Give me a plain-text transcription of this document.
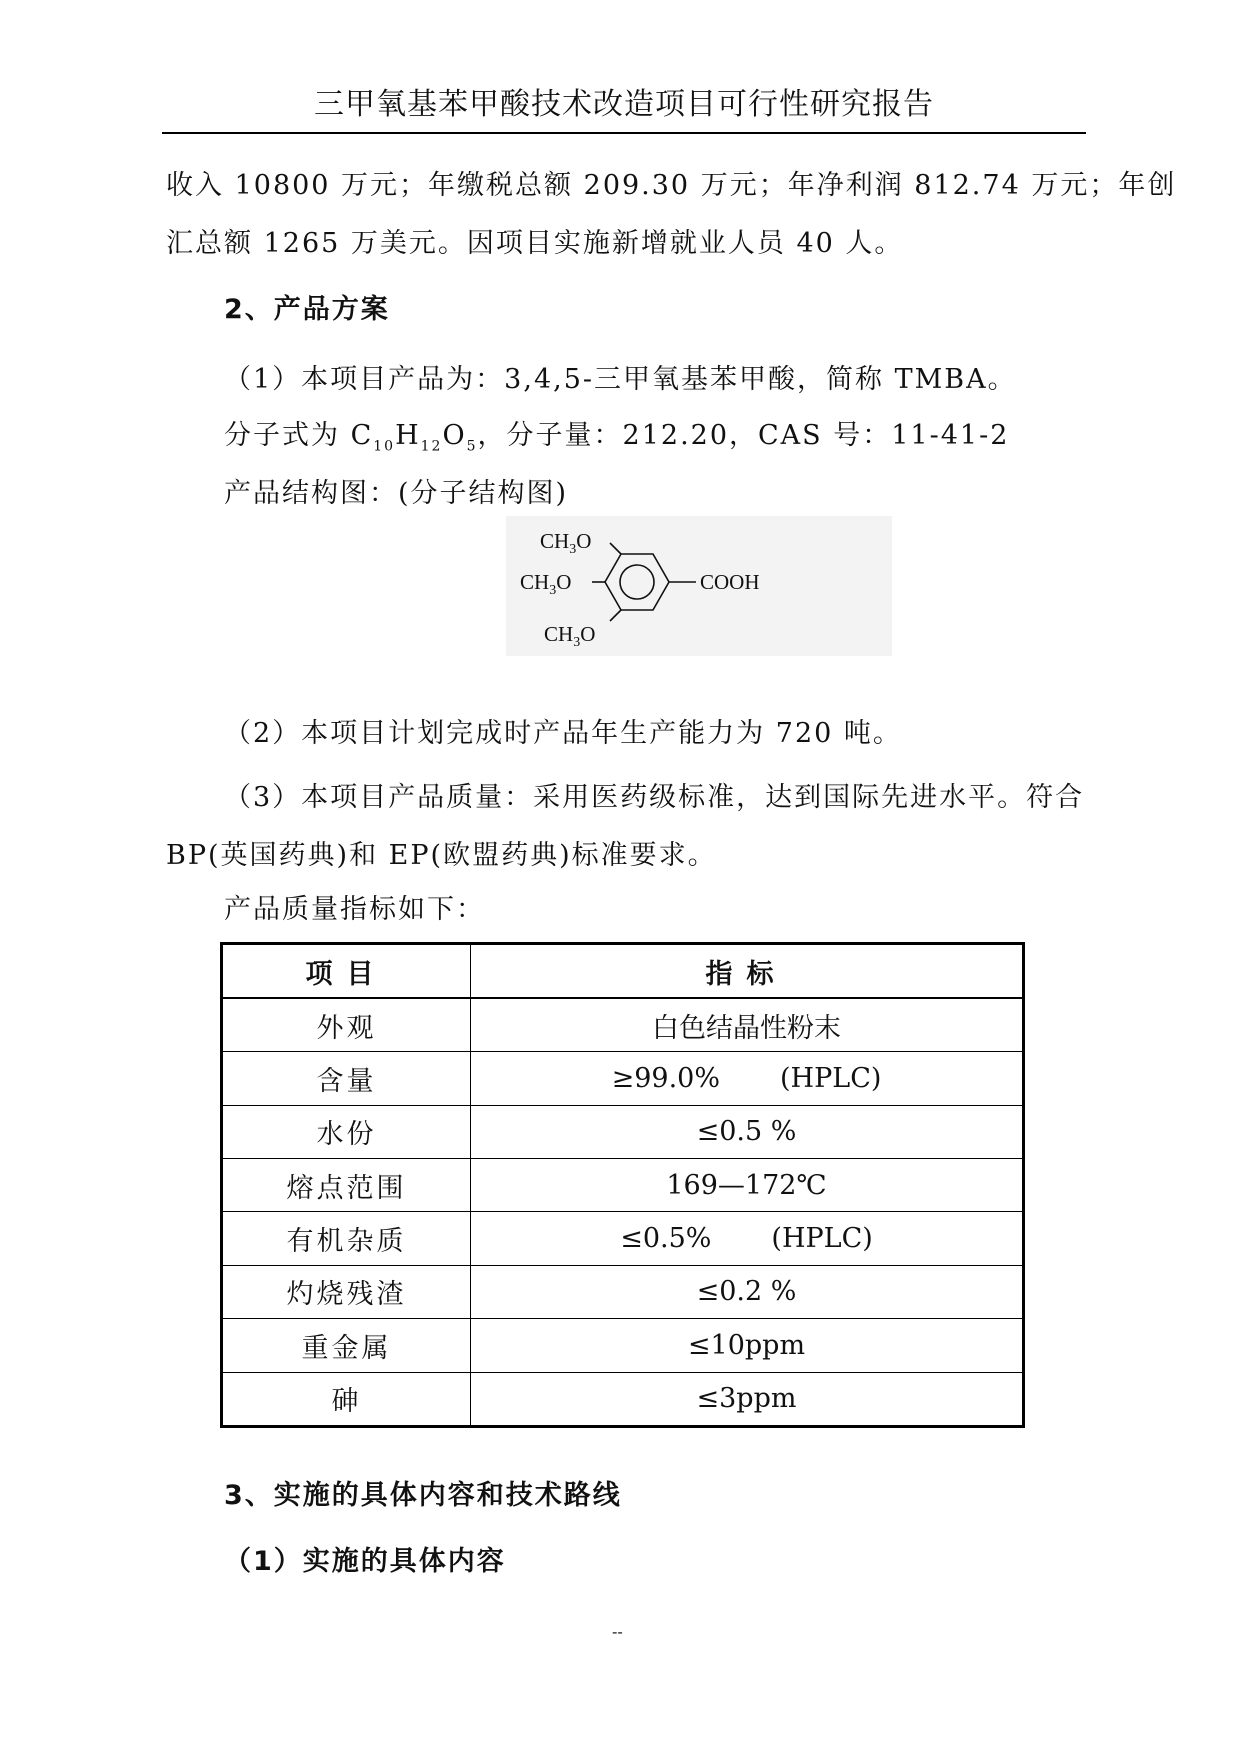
三甲氧基苯甲酸技术改造项目可行性研究报告
收入 10800 万元；年缴税总额 209.30 万元；年净利润 812.74 万元；年创
汇总额 1265 万美元。因项目实施新增就业人员 40 人。
2、产品方案
（1）本项目产品为：3,4,5-三甲氧基苯甲酸，简称 TMBA。
分子式为 $C_{10}H_{12}O_5$，分子量：212.20，CAS 号：11-41-2
产品结构图：(分子结构图)
$CH_3O$
$CH_3O$
$CH_3O$
COOH
（2）本项目计划完成时产品年生产能力为 720 吨。
（3）本项目产品质量：采用医药级标准，达到国际先进水平。符合
BP(英国药典)和 EP(欧盟药典)标准要求。
产品质量指标如下：
项目	指标
外观	白色结晶性粉末
含量	≥99.0% (HPLC)
水份	≤0.5 %
熔点范围	169—172℃
有机杂质	≤0.5% (HPLC)
灼烧残渣	≤0.2 %
重金属	≤10ppm
砷	≤3ppm
3、实施的具体内容和技术路线
（1）实施的具体内容
--
